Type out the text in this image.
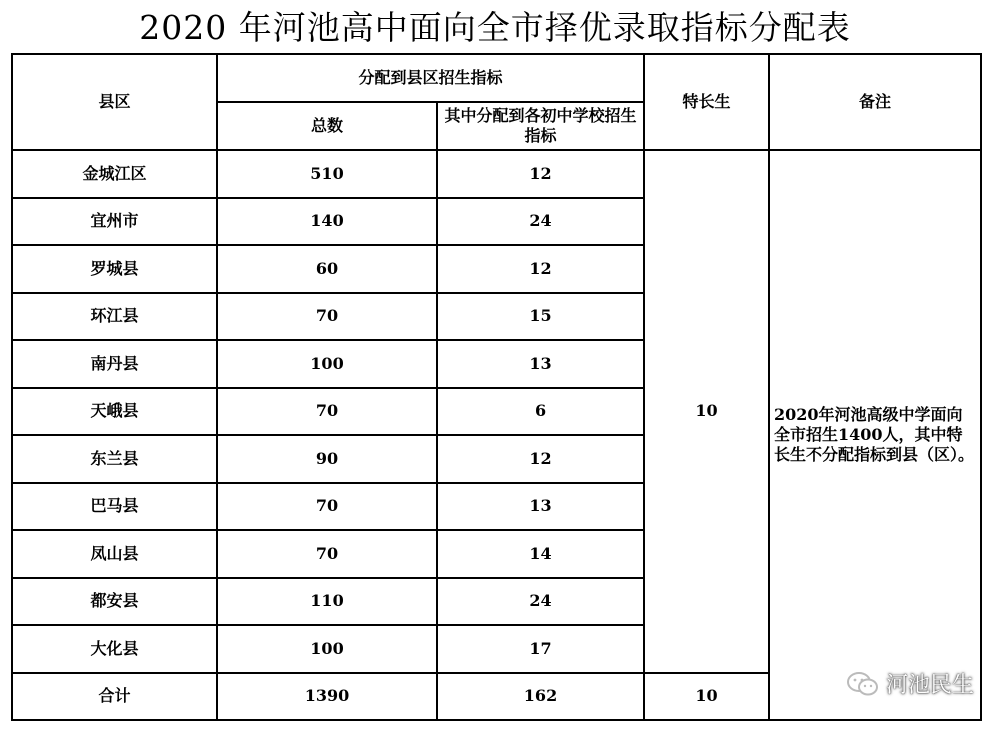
2020 年河池高中面向全市择优录取指标分配表
县区	分配到县区招生指标		特长生	备注
	总数	其中分配到各初中学校招生指标		
金城江区	510	12	10	2020年河池高级中学面向全市招生1400人，其中特长生不分配指标到县（区）。
宜州市	140	24		
罗城县	60	12		
环江县	70	15		
南丹县	100	13		
天峨县	70	6		
东兰县	90	12		
巴马县	70	13		
凤山县	70	14		
都安县	110	24		
大化县	100	17		
合计	1390	162	10		河池民生
